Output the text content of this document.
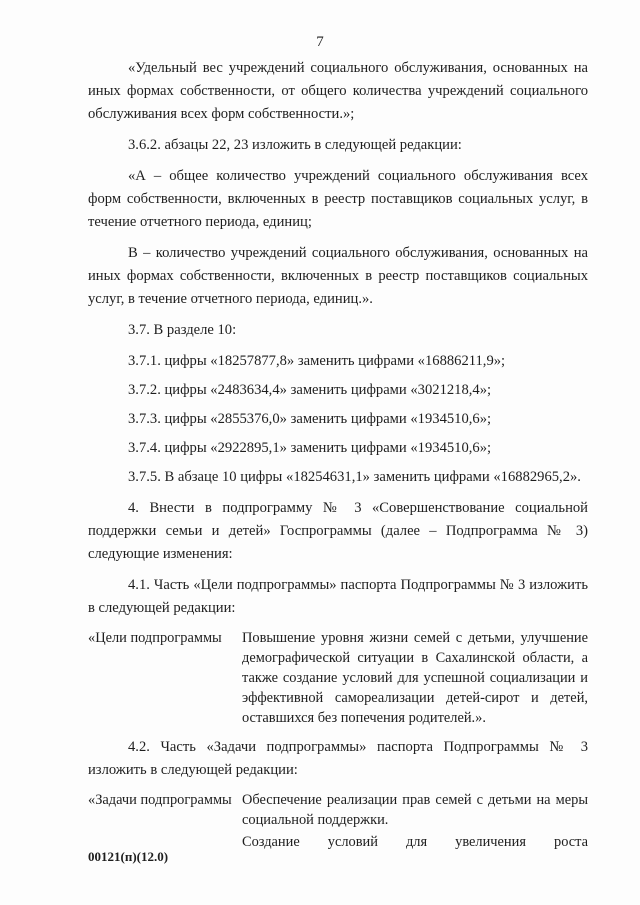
7

«Удельный вес учреждений социального обслуживания, основанных на иных формах собственности, от общего количества учреждений социального обслуживания всех форм собственности.»;

3.6.2. абзацы 22, 23 изложить в следующей редакции:

«А – общее количество учреждений социального обслуживания всех форм собственности, включенных в реестр поставщиков социальных услуг, в течение отчетного периода, единиц;

В – количество учреждений социального обслуживания, основанных на иных формах собственности, включенных в реестр поставщиков социальных услуг, в течение отчетного периода, единиц.».

3.7. В разделе 10:

3.7.1. цифры «18257877,8» заменить цифрами «16886211,9»;

3.7.2. цифры «2483634,4» заменить цифрами «3021218,4»;

3.7.3. цифры «2855376,0» заменить цифрами «1934510,6»;

3.7.4. цифры «2922895,1» заменить цифрами «1934510,6»;

3.7.5. В абзаце 10 цифры «18254631,1» заменить цифрами «16882965,2».

4. Внести в подпрограмму № 3 «Совершенствование социальной поддержки семьи и детей» Госпрограммы (далее – Подпрограмма № 3) следующие изменения:

4.1. Часть «Цели подпрограммы» паспорта Подпрограммы № 3 изложить в следующей редакции:

«Цели подпрограммы	Повышение уровня жизни семей с детьми, улучшение демографической ситуации в Сахалинской области, а также создание условий для успешной социализации и эффективной самореализации детей-сирот и детей, оставшихся без попечения родителей.».

4.2. Часть «Задачи подпрограммы» паспорта Подпрограммы № 3 изложить в следующей редакции:

«Задачи подпрограммы Обеспечение реализации прав семей с детьми на меры социальной поддержки.
Создание условий для увеличения роста
00121(п)(12.0)
